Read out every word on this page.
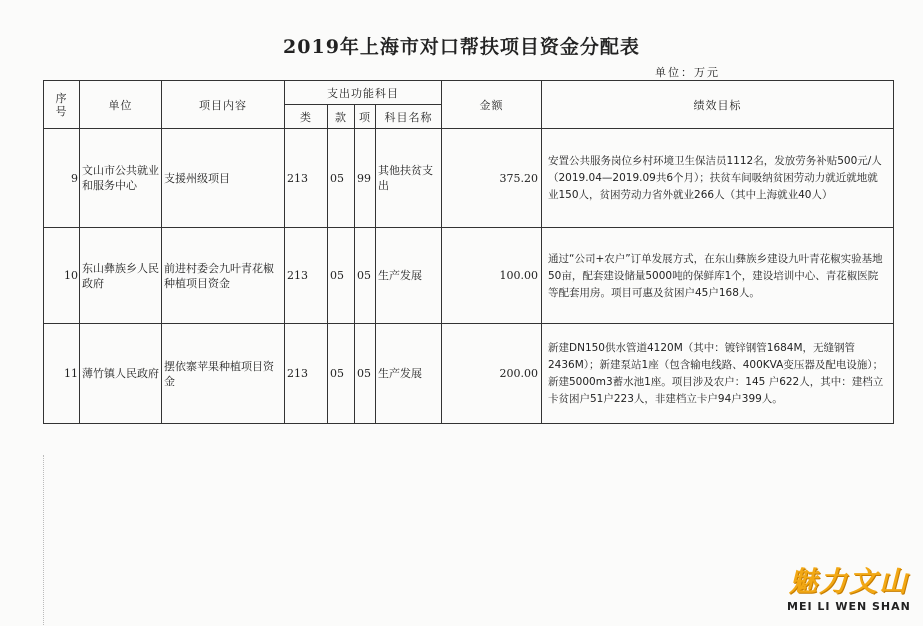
2019年上海市对口帮扶项目资金分配表
单位：万元
序号	单位	项目内容	支出功能科目				金额	绩效目标
			类	款	项	科目名称		
9	文山市公共就业和服务中心	支援州级项目	213	05	99	其他扶贫支出	375.20	安置公共服务岗位乡村环境卫生保洁员1112名，发放劳务补贴500元/人（2019.04—2019.09共6个月）；扶贫车间吸纳贫困劳动力就近就地就业150人，贫困劳动力省外就业266人（其中上海就业40人）
10	东山彝族乡人民政府	前进村委会九叶青花椒种植项目资金	213	05	05	生产发展	100.00	通过“公司+农户”订单发展方式，在东山彝族乡建设九叶青花椒实验基地50亩，配套建设储量5000吨的保鲜库1个，建设培训中心、青花椒医院等配套用房。项目可惠及贫困户45户168人。
11	薄竹镇人民政府	摆依寨苹果种植项目资金	213	05	05	生产发展	200.00	新建DN150供水管道4120M（其中：镀锌钢管1684M，无缝钢管2436M）；新建泵站1座（包含输电线路、400KVA变压器及配电设施）；新建5000m3蓄水池1座。项目涉及农户：145 户622人，其中：建档立卡贫困户51户223人，非建档立卡户94户399人。
魅力文山
MEI LI WEN SHAN
